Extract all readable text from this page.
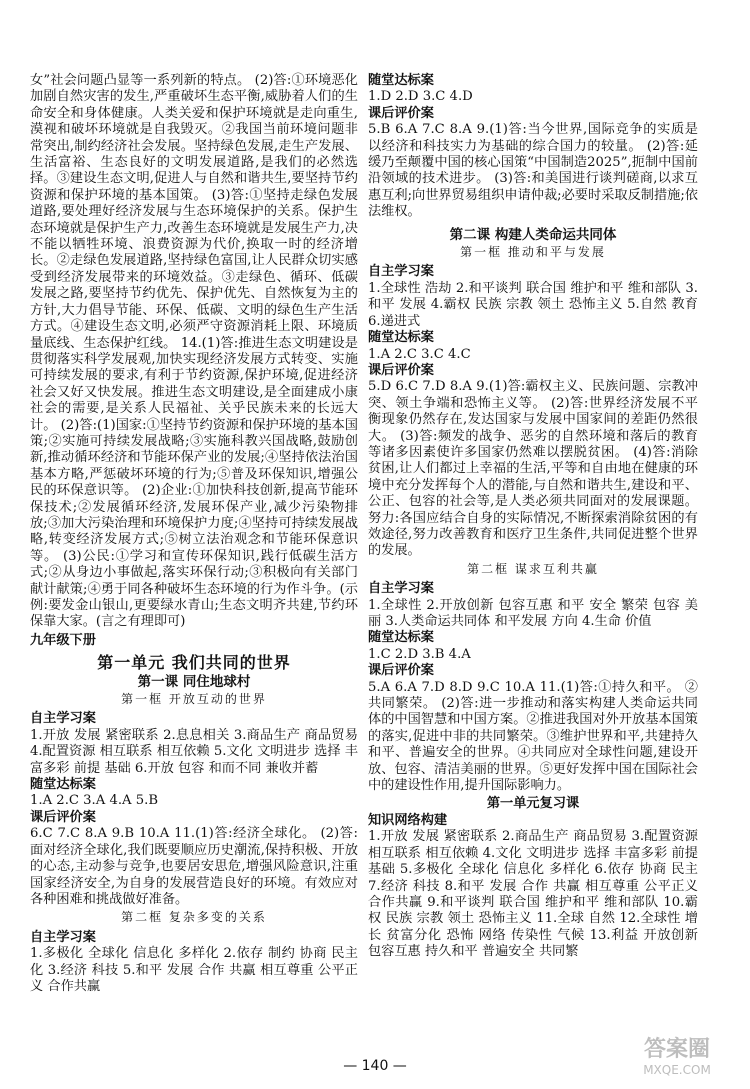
女”社会问题凸显等一系列新的特点。 (2)答:①环境恶化加剧自然灾害的发生,严重破坏生态平衡,威胁着人们的生命安全和身体健康。人类关爱和保护环境就是走向重生,漠视和破坏环境就是自我毁灭。②我国当前环境问题非常突出,制约经济社会发展。坚持绿色发展,走生产发展、生活富裕、生态良好的文明发展道路,是我们的必然选择。③建设生态文明,促进人与自然和谐共生,要坚持节约资源和保护环境的基本国策。 (3)答:①坚持走绿色发展道路,要处理好经济发展与生态环境保护的关系。保护生态环境就是保护生产力,改善生态环境就是发展生产力,决不能以牺牲环境、浪费资源为代价,换取一时的经济增长。②走绿色发展道路,坚持绿色富国,让人民群众切实感受到经济发展带来的环境效益。③走绿色、循环、低碳发展之路,要坚持节约优先、保护优先、自然恢复为主的方针,大力倡导节能、环保、低碳、文明的绿色生产生活方式。④建设生态文明,必须严守资源消耗上限、环境质量底线、生态保护红线。 14.(1)答:推进生态文明建设是贯彻落实科学发展观,加快实现经济发展方式转变、实施可持续发展的要求,有利于节约资源,保护环境,促进经济社会又好又快发展。推进生态文明建设,是全面建成小康社会的需要,是关系人民福祉、关乎民族未来的长远大计。 (2)答:(1)国家:①坚持节约资源和保护环境的基本国策;②实施可持续发展战略;③实施科教兴国战略,鼓励创新,推动循环经济和节能环保产业的发展;④坚持依法治国基本方略,严惩破坏环境的行为;⑤普及环保知识,增强公民的环保意识等。 (2)企业:①加快科技创新,提高节能环保技术;②发展循环经济,发展环保产业,减少污染物排放;③加大污染治理和环境保护力度;④坚持可持续发展战略,转变经济发展方式;⑤树立法治观念和节能环保意识等。 (3)公民:①学习和宣传环保知识,践行低碳生活方式;②从身边小事做起,落实环保行动;③积极向有关部门献计献策;④勇于同各种破坏生态环境的行为作斗争。(示例:要发金山银山,更要绿水青山;生态文明齐共建,节约环保靠大家。(言之有理即可)

九年级下册
第一单元 我们共同的世界
第一课 同住地球村
第一框 开放互动的世界
自主学习案

1.开放 发展 紧密联系 2.息息相关 3.商品生产 商品贸易 4.配置资源 相互联系 相互依赖 5.文化 文明进步 选择 丰富多彩 前提 基础 6.开放 包容 和而不同 兼收并蓄

随堂达标案

1.A 2.C 3.A 4.A 5.B

课后评价案

6.C 7.C 8.A 9.B 10.A 11.(1)答:经济全球化。 (2)答:面对经济全球化,我们既要顺应历史潮流,保持积极、开放的心态,主动参与竞争,也要居安思危,增强风险意识,注重国家经济安全,为自身的发展营造良好的环境。有效应对各种困难和挑战做好准备。

第二框 复杂多变的关系
自主学习案

1.多极化 全球化 信息化 多样化 2.依存 制约 协商 民主化 3.经济 科技 5.和平 发展 合作 共赢 相互尊重 公平正义 合作共赢

随堂达标案

1.D 2.D 3.C 4.D

课后评价案

5.B 6.A 7.C 8.A 9.(1)答:当今世界,国际竞争的实质是以经济和科技实力为基础的综合国力的较量。 (2)答:延缓乃至颠覆中国的核心国策“中国制造2025”,扼制中国前沿领域的技术进步。 (3)答:和美国进行谈判磋商,以求互惠互利;向世界贸易组织申请仲裁;必要时采取反制措施;依法维权。

第二课 构建人类命运共同体
第一框 推动和平与发展
自主学习案

1.全球性 浩劫 2.和平谈判 联合国 维护和平 维和部队 3.和平 发展 4.霸权 民族 宗教 领土 恐怖主义 5.自然 教育 6.递进式

随堂达标案

1.A 2.C 3.C 4.C

课后评价案

5.D 6.C 7.D 8.A 9.(1)答:霸权主义、民族问题、宗教冲突、领土争端和恐怖主义等。 (2)答:世界经济发展不平衡现象仍然存在,发达国家与发展中国家间的差距仍然很大。 (3)答:频发的战争、恶劣的自然环境和落后的教育等诸多因素使许多国家仍然难以摆脱贫困。 (4)答:消除贫困,让人们都过上幸福的生活,平等和自由地在健康的环境中充分发挥每个人的潜能,与自然和谐共生,建设和平、公正、包容的社会等,是人类必须共同面对的发展课题。努力:各国应结合自身的实际情况,不断探索消除贫困的有效途径,努力改善教育和医疗卫生条件,共同促进整个世界的发展。

第二框 谋求互利共赢
自主学习案

1.全球性 2.开放创新 包容互惠 和平 安全 繁荣 包容 美丽 3.人类命运共同体 和平发展 方向 4.生命 价值

随堂达标案

1.C 2.D 3.B 4.A

课后评价案

5.A 6.A 7.D 8.D 9.C 10.A 11.(1)答:①持久和平。 ②共同繁荣。 (2)答:进一步推动和落实构建人类命运共同体的中国智慧和中国方案。②推进我国对外开放基本国策的落实,促进中非的共同繁荣。③维护世界和平,共建持久和平、普遍安全的世界。④共同应对全球性问题,建设开放、包容、清洁美丽的世界。⑤更好发挥中国在国际社会中的建设性作用,提升国际影响力。

第一单元复习课
知识网络构建

1.开放 发展 紧密联系 2.商品生产 商品贸易 3.配置资源 相互联系 相互依赖 4.文化 文明进步 选择 丰富多彩 前提 基础 5.多极化 全球化 信息化 多样化 6.依存 协商 民主 7.经济 科技 8.和平 发展 合作 共赢 相互尊重 公平正义 合作共赢 9.和平谈判 联合国 维护和平 维和部队 10.霸权 民族 宗教 领土 恐怖主义 11.全球 自然 12.全球性 增长 贫富分化 恐怖 网络 传染性 气候 13.利益 开放创新 包容互惠 持久和平 普遍安全 共同繁

— 140 —
答案圈
MXQE.COM
